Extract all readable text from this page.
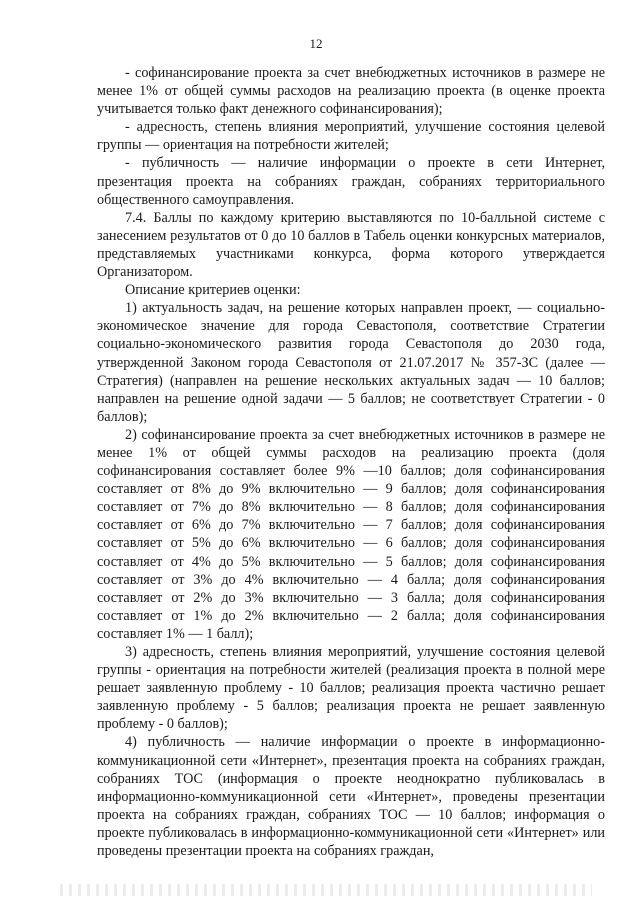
12

- софинансирование проекта за счет внебюджетных источников в размере не менее 1% от общей суммы расходов на реализацию проекта (в оценке проекта учитывается только факт денежного софинансирования);

- адресность, степень влияния мероприятий, улучшение состояния целевой группы — ориентация на потребности жителей;

- публичность — наличие информации о проекте в сети Интернет, презентация проекта на собраниях граждан, собраниях территориального общественного самоуправления.

7.4. Баллы по каждому критерию выставляются по 10-балльной системе с занесением результатов от 0 до 10 баллов в Табель оценки конкурсных материалов, представляемых участниками конкурса, форма которого утверждается Организатором.

Описание критериев оценки:

1) актуальность задач, на решение которых направлен проект, — социально-экономическое значение для города Севастополя, соответствие Стратегии социально-экономического развития города Севастополя до 2030 года, утвержденной Законом города Севастополя от 21.07.2017 № 357-ЗС (далее — Стратегия) (направлен на решение нескольких актуальных задач — 10 баллов; направлен на решение одной задачи — 5 баллов; не соответствует Стратегии - 0 баллов);

2) софинансирование проекта за счет внебюджетных источников в размере не менее 1% от общей суммы расходов на реализацию проекта (доля софинансирования составляет более 9% —10 баллов; доля софинансирования составляет от 8% до 9% включительно — 9 баллов; доля софинансирования составляет от 7% до 8% включительно — 8 баллов; доля софинансирования составляет от 6% до 7% включительно — 7 баллов; доля софинансирования составляет от 5% до 6% включительно — 6 баллов; доля софинансирования составляет от 4% до 5% включительно — 5 баллов; доля софинансирования составляет от 3% до 4% включительно — 4 балла; доля софинансирования составляет от 2% до 3% включительно — 3 балла; доля софинансирования составляет от 1% до 2% включительно — 2 балла; доля софинансирования составляет 1% — 1 балл);

3) адресность, степень влияния мероприятий, улучшение состояния целевой группы - ориентация на потребности жителей (реализация проекта в полной мере решает заявленную проблему - 10 баллов; реализация проекта частично решает заявленную проблему - 5 баллов; реализация проекта не решает заявленную проблему - 0 баллов);

4) публичность — наличие информации о проекте в информационно-коммуникационной сети «Интернет», презентация проекта на собраниях граждан, собраниях ТОС (информация о проекте неоднократно публиковалась в информационно-коммуникационной сети «Интернет», проведены презентации проекта на собраниях граждан, собраниях ТОС — 10 баллов; информация о проекте публиковалась в информационно-коммуникационной сети «Интернет» или проведены презентации проекта на собраниях граждан,
